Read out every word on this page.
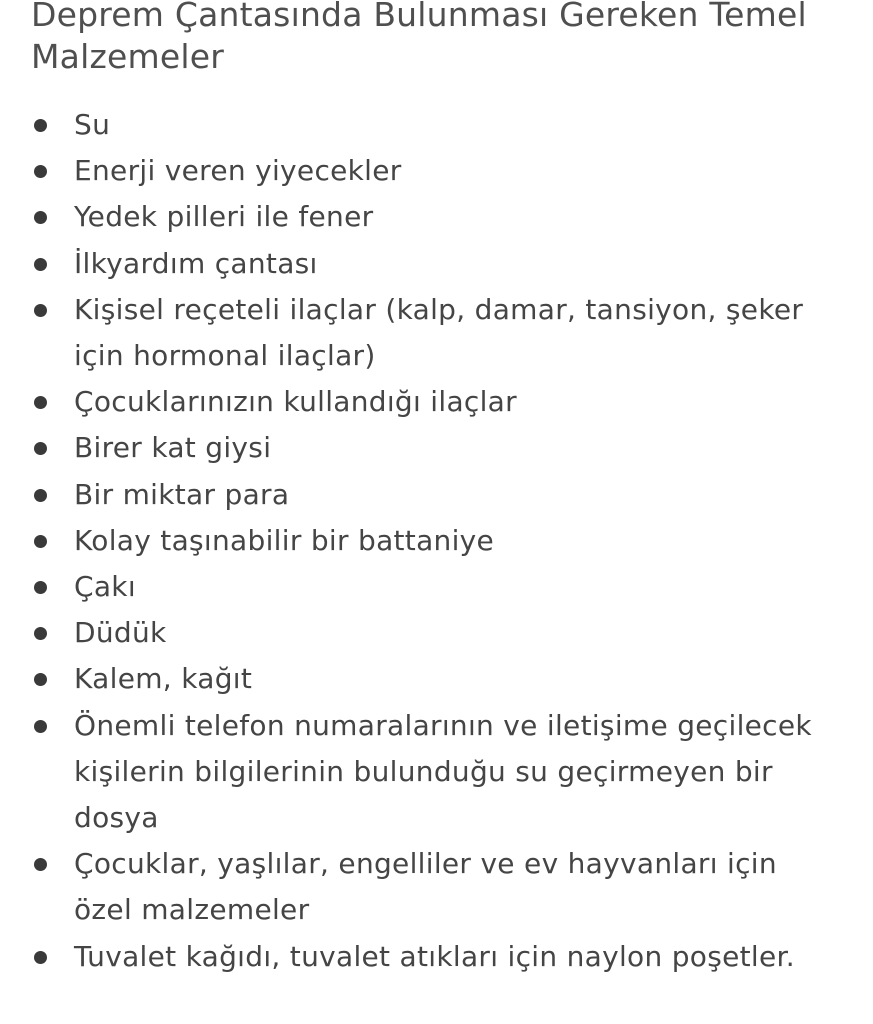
Deprem Çantasında Bulunması Gereken Temel Malzemeler
Su
Enerji veren yiyecekler
Yedek pilleri ile fener
İlkyardım çantası
Kişisel reçeteli ilaçlar (kalp, damar, tansiyon, şeker için hormonal ilaçlar)
Çocuklarınızın kullandığı ilaçlar
Birer kat giysi
Bir miktar para
Kolay taşınabilir bir battaniye
Çakı
Düdük
Kalem, kağıt
Önemli telefon numaralarının ve iletişime geçilecek kişilerin bilgilerinin bulunduğu su geçirmeyen bir dosya
Çocuklar, yaşlılar, engelliler ve ev hayvanları için özel malzemeler
Tuvalet kağıdı, tuvalet atıkları için naylon poşetler.
